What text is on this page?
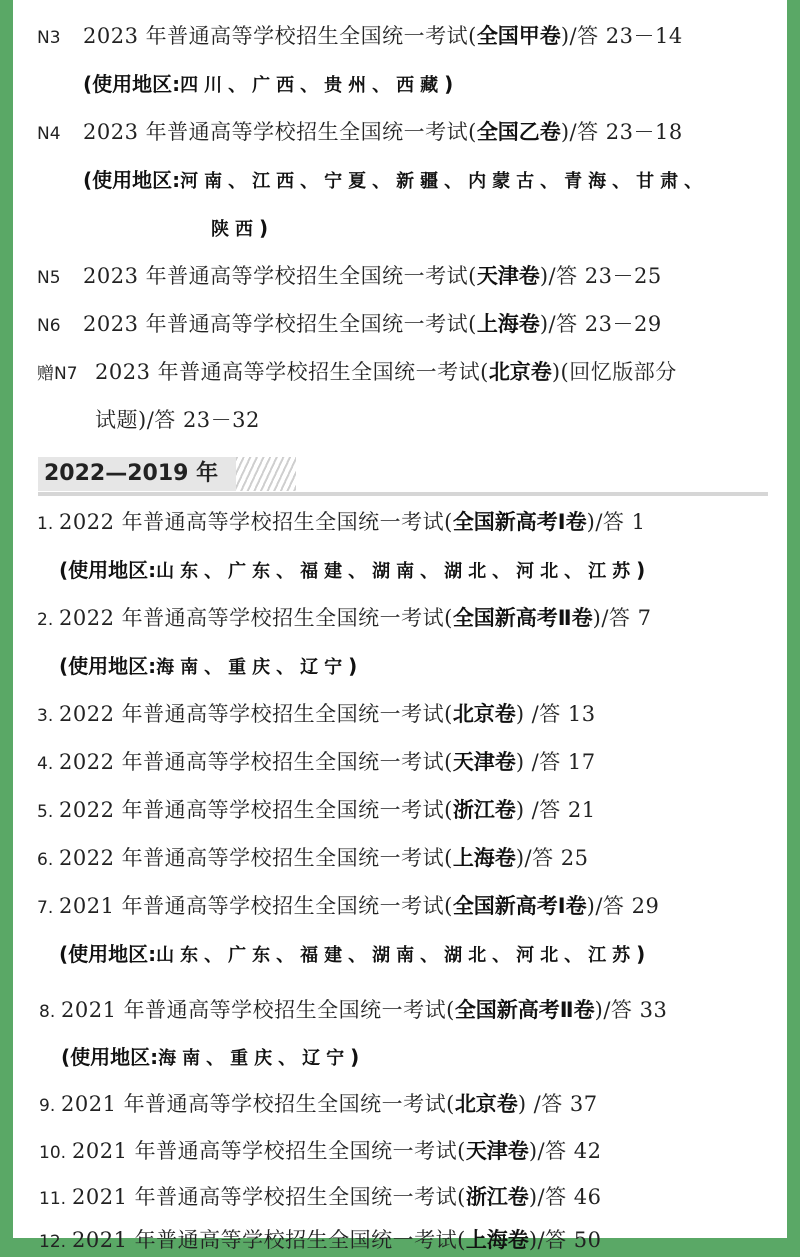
N3 2023 年普通高等学校招生全国统一考试(全国甲卷)/答 23－14
(使用地区:四川、广西、贵州、西藏)
N4 2023 年普通高等学校招生全国统一考试(全国乙卷)/答 23－18
(使用地区:河南、江西、宁夏、新疆、内蒙古、青海、甘肃、
陕西)
N5 2023 年普通高等学校招生全国统一考试(天津卷)/答 23－25
N6 2023 年普通高等学校招生全国统一考试(上海卷)/答 23－29
赠N7 2023 年普通高等学校招生全国统一考试(北京卷)(回忆版部分
试题)/答 23－32
2022—2019 年
1. 2022 年普通高等学校招生全国统一考试(全国新高考Ⅰ卷)/答 1
(使用地区:山东、广东、福建、湖南、湖北、河北、江苏)
2. 2022 年普通高等学校招生全国统一考试(全国新高考Ⅱ卷)/答 7
(使用地区:海南、重庆、辽宁)
3. 2022 年普通高等学校招生全国统一考试(北京卷) /答 13
4. 2022 年普通高等学校招生全国统一考试(天津卷) /答 17
5. 2022 年普通高等学校招生全国统一考试(浙江卷) /答 21
6. 2022 年普通高等学校招生全国统一考试(上海卷)/答 25
7. 2021 年普通高等学校招生全国统一考试(全国新高考Ⅰ卷)/答 29
(使用地区:山东、广东、福建、湖南、湖北、河北、江苏)
8. 2021 年普通高等学校招生全国统一考试(全国新高考Ⅱ卷)/答 33
(使用地区:海南、重庆、辽宁)
9. 2021 年普通高等学校招生全国统一考试(北京卷) /答 37
10. 2021 年普通高等学校招生全国统一考试(天津卷)/答 42
11. 2021 年普通高等学校招生全国统一考试(浙江卷)/答 46
12. 2021 年普通高等学校招生全国统一考试(上海卷)/答 50
